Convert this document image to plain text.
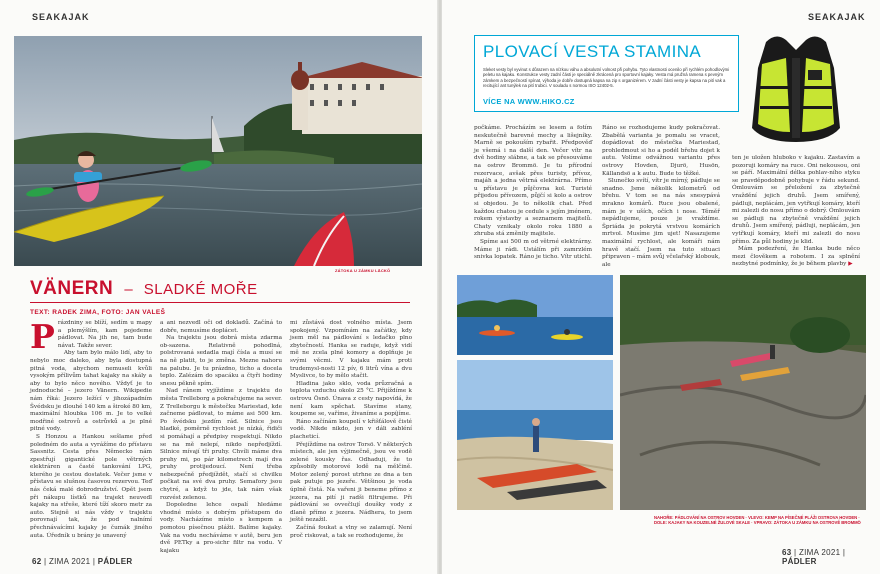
SEAKAJAK
ZÁTOKA U ZÁMKU LÄCKÖ
VÄNERN – SLADKÉ MOŘE
TEXT: RADEK ZIMA, FOTO: JAN VALEŠ

Prázdniny se blíží, sedím u mapy a plemýšlím, kam pojedeme pádlovat. Na jih ne, tam bude návat. Takže sever.

Aby tam bylo málo lidí, aby to nebylo moc daleko, aby byla dostupná pitná voda, abychom nemuseli kvůli vysokým přílivům tahat kajaky na skály a aby to bylo něco nového. Vždyť je to jednoduché – jezero Vänern. Wikipedie nám říká: Jezero ležící v jihozápadním Švédsku je dlouhé 140 km a široké 80 km, maximální hloubka 106 m. Je to velké modřiné ostrovů a ostrůvků a je plné pitné vody.

S Honzou a Hankou sešlame před poledném do auta a vyrážíme do přístavu Sassnitz. Cesta přes Německo nám zpestřují gigantické pole větrných elektráren a časté tankování LPG, kterého je cestou dostatek. Večer jsme v přístavu se slušnou časovou rezervou. Teď nás čeká malé dobrodružství. Opět jsem při nákupu lístků na trajekt neuvedl kajaky na střeše, které tíží skoro metr za auto. Stejně si nás vždy v trajektu porovnají tak, že pod nalnímí přechnávaícími kajaky je čumák jiného auta. Úředník u brány je unavený

a ani nezvedl oči od dokladů. Začíná to dobře, nemusíme doplácet.

Na trajektu jsou dobrá místa zdarma ob-sazena. Relativně pohodlná, polstrovaná sedadla mají čísla a musí se na ně platit, to je změna. Mezne nahoru na palubu. Je tu prázdno, ticho a docela teplo. Zalézám do spacáku a čtyři hodiny snesu pěkně spím.

Nad ránem vyjíždíme z trajektu do města Trelleborg a pokračujeme na sever. Z Trelleborgu k městečku Mariestad, kde začneme pádlovat, to máme asi 500 km. Po švédsku jezdím rád. Silnice jsou hladké, poměrně rychlost je nízká, řidiči si pomáhají a předpisy respektují. Nikdo se na mě nelepí, nikdo nepředjíždí. Silnice mívají tři pruhy. Chvíli máme dva pruhy mi, po pár kilometrech mají dva pruhy protijedoucí. Není třeba nebezpečně předjíždět, stačí si chvilku počkat na své dva pruhy. Semafory jsou chytré, a když to jde, tak nám však rozvést zelenou.

Dopoledne lehce ospalí hledáme vhodné místo s dobrým přístupem do vody. Nacházíme místo s kempem a pomotou písečnou plážii. Balíme kajaky. Vak na vodu necháváme v autě, beru jen dvě PETky a pro-sichr filtr na vodu. V kajaku

mi zůstává dost volného místa. Jsem spokojený. Vzpomínám na začátky, kdy jsem měl na pádlování s ledačko plno zbytečností. Hanka se raduje, když vidí mě ne zcela plné komory a doplňuje je svými věcmi. V kajaku mám proti trudemysl-nosti 12 pív, 6 litrů vína a dvu Myslivce, to by mělo stačit.

Hladina jako sklo, voda průzračná a teplota vzduchu okolo 25 °C. Přijíždíme k ostrovu Ösnö. Únava z cesty napovídá, že není kam spěchat. Stavíme stany, koupeme se, vaříme, živaníme a popíjíme.

Ráno začínám koupelí v křišťálově čisté vodě. Nikde nikdo, jen v dáli zabléní placheticí.

Přejíždíme na ostrov Torsö. V některých místech, ale jen výjimečně, jsou ve vodě zelené kousky řas. Odhaduji, že to způsobily motorové lodě na mělčině. Motor zelený porost utrhne ze dna a ten pak putuje po jezeře. Většinou je voda úplně čistá. Na vařeni ji beneme přímo z jezera, na pití ji radši filtrujeme. Při pádlování se ovvečlují doušky vody z dlaně přímo z jezera. Nádhera, to jsem ještě nezažil.

Začíná foukat a vlny se zalamují. Není proč riskovat, a tak se rozhodujeme, že

62 | ZIMA 2021 | PÁDLER
SEAKAJAK
PLOVACÍ VESTA STAMINA
Sleket vesty byl vyvinut s důrazem na nízkou váhu a absolutní volnost při pohybu. Tyto vlastnosti ocenilo při rychlém pohodlovými peletu na kajaku. Konstrukce vesty zadní části je speciálně zkrácená pro sportovní kajaky. Vesta má pružná ramena s pevným zámkem a bezpečností spínat, výhoda je dobře dostupná kapsa na zip s organizérem. V zadní části vesty je kapsa na pití vak a recitující ant tunýlek na pití trubici. V souladu s normou ISO 12402-5.
VÍCE NA WWW.HIKO.CZ

počkáme. Procházím se lesem a fotím neskutečně barevné mechy a lišejníky. Marně se pokouším rybařit. Předpověď je všemá i na další den. Večer vítr na dvě hodiny slábne, a tak se přesouváme na ostrov Brommö. Je tu přírodní rezervace, avšak přes turisty, přívoz, majáh a jedna větrná elektrárna. Přímo u přístavu je půjčovna kol. Turisté přijedou přívozem, půjčí si kolo a ostrov si objedou. Je to několik chat. Před každou chatou je cedule s jejím jménem, rokem výstavby a seznamem majitelů. Chaty vznikaly okolo roku 1880 a zhruba stá změnily majitele.

Spíme asi 500 m od větrné elektrárny. Máme ji rádi. Ustálím při zamrzlém snivka lopatek. Ráno je ticho. Vítr utichl.

Ráno se rozhodujeme kudy pokračovat. Zbabělá varianta je pomalu se vracet, dopádlovat do městečka Mariestad, prohledmout si ho a podél břehu dojet k autu. Volíme odvážnou variantu přes ostrovy Hovden, Djurö, Husön, Källandsö a k autu. Bude to těžké.

Slunečko svítí, vítr je mírný, pádluje se snadno. Jsme několik kilometrů od břehu. V tom se na nás snesypává mrakno komárů. Ruce jsou obalené, mám je v uších, očích i nose. Těměř nepádlujeme, pouze je vraždíme. Špriáda je pokrytá vrstvou komárích mrtvol. Musíme jim ujet! Nasazujeme maximální rychlost, ale komáři nám hravě stačí. Jsem na tuto situaci připraven – mám svůj včelařský klobouk, ale

ten je uložen hluboko v kajaku. Zastavím a pozoruji komáry na ruce. Oni nekousou, oni se páří. Maximální délka pohlav-ního styku se pravděpodobně pohybuje v řádu sekund. Ómlouvám se přeložení za zbytečně vraždění jejich druhů. Jsem smířený, pádluji, neplácám, jen vytřkují komáry, kteří mi zalezli do nosu přímo o dobrý. Ómlouvám se pádluji na zbytečně vraždění jejich druhů. Jsem smířený, pádluji, neplácám, jen vytřkují komáry, kteří mi zalezli do nosu přímo. Za půl hodiny je klid.

Mám podezření, že Hanka bude něco mezi člověkem a robotem. I za splnění nezbytné podmínky, že je během plavby ▶

NAHOŘE: PÁDLOVÁNÍ NA OSTROV HOVDEN · VLEVO: KEMP NA PÍSEČNÉ PLÁŽI OSTROVA HOVDEN · DOLE: KAJAKY NA KOUZELNÉ ŽULOVÉ SKALE · VPRAVO: ZÁTOKA U ZÁMKU NA OSTROVĚ BROMMÖ
63 | ZIMA 2021 | PÁDLER
